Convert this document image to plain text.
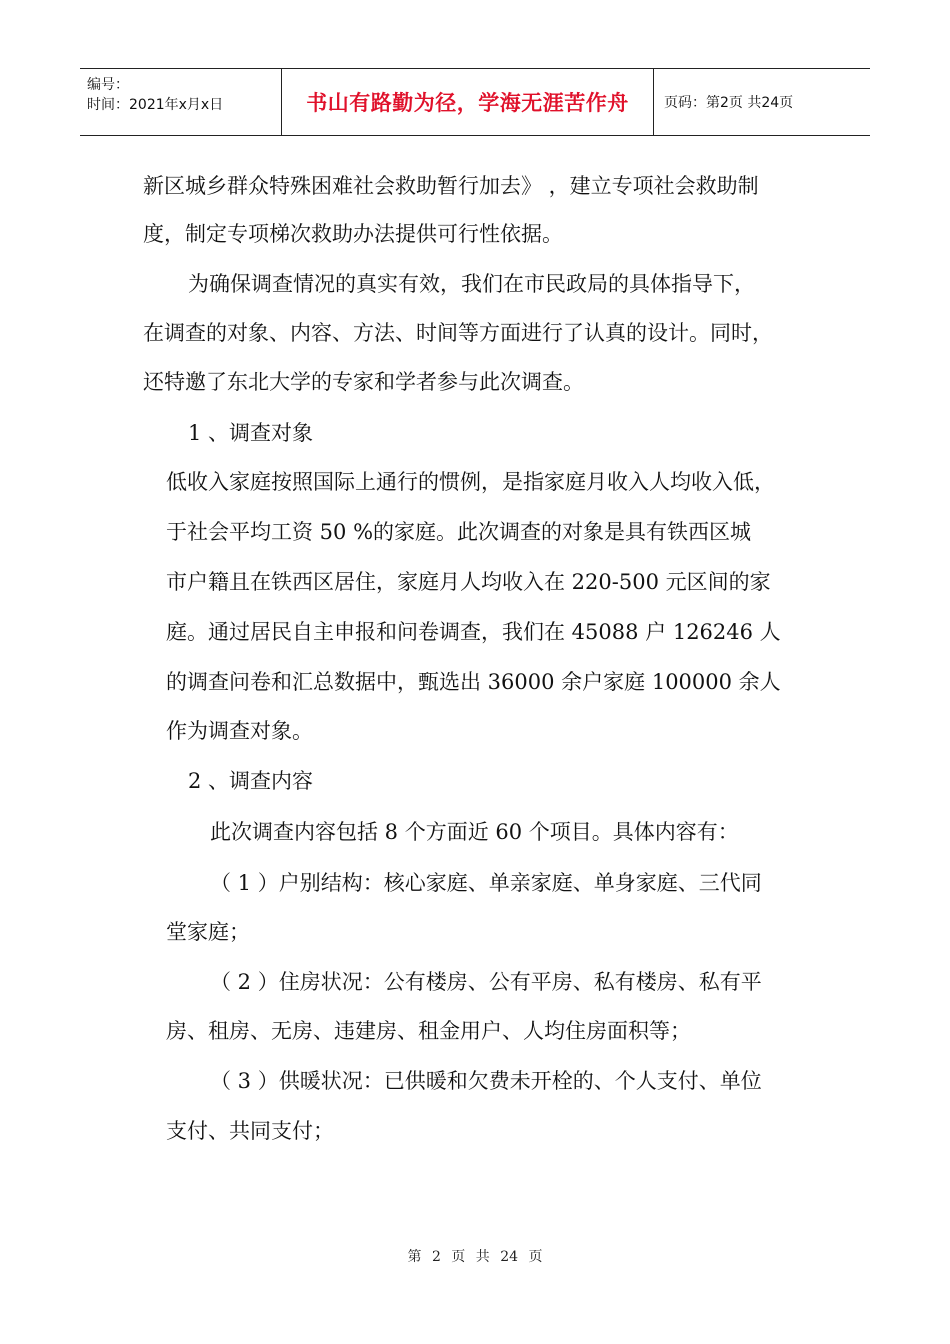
编号：
时间：2021年x月x日	书山有路勤为径，学海无涯苦作舟	页码：第2页 共24页
新区城乡群众特殊困难社会救助暂行加去》 ，建立专项社会救助制
度，制定专项梯次救助办法提供可行性依据。
为确保调查情况的真实有效，我们在市民政局的具体指导下，
在调查的对象、内容、方法、时间等方面进行了认真的设计。同时，
还特邀了东北大学的专家和学者参与此次调查。
1 、调查对象
低收入家庭按照国际上通行的惯例，是指家庭月收入人均收入低，
于社会平均工资 50 %的家庭。此次调查的对象是具有铁西区城
市户籍且在铁西区居住，家庭月人均收入在 220-500 元区间的家
庭。通过居民自主申报和问卷调查，我们在 45088 户 126246 人
的调查问卷和汇总数据中，甄选出 36000 余户家庭 100000 余人
作为调查对象。
2 、调查内容
此次调查内容包括 8 个方面近 60 个项目。具体内容有：
（ 1 ）户别结构：核心家庭、单亲家庭、单身家庭、三代同
堂家庭；
（ 2 ）住房状况：公有楼房、公有平房、私有楼房、私有平
房、租房、无房、违建房、租金用户、人均住房面积等；
（ 3 ）供暖状况：已供暖和欠费未开栓的、个人支付、单位
支付、共同支付；
第 2 页 共 24 页
